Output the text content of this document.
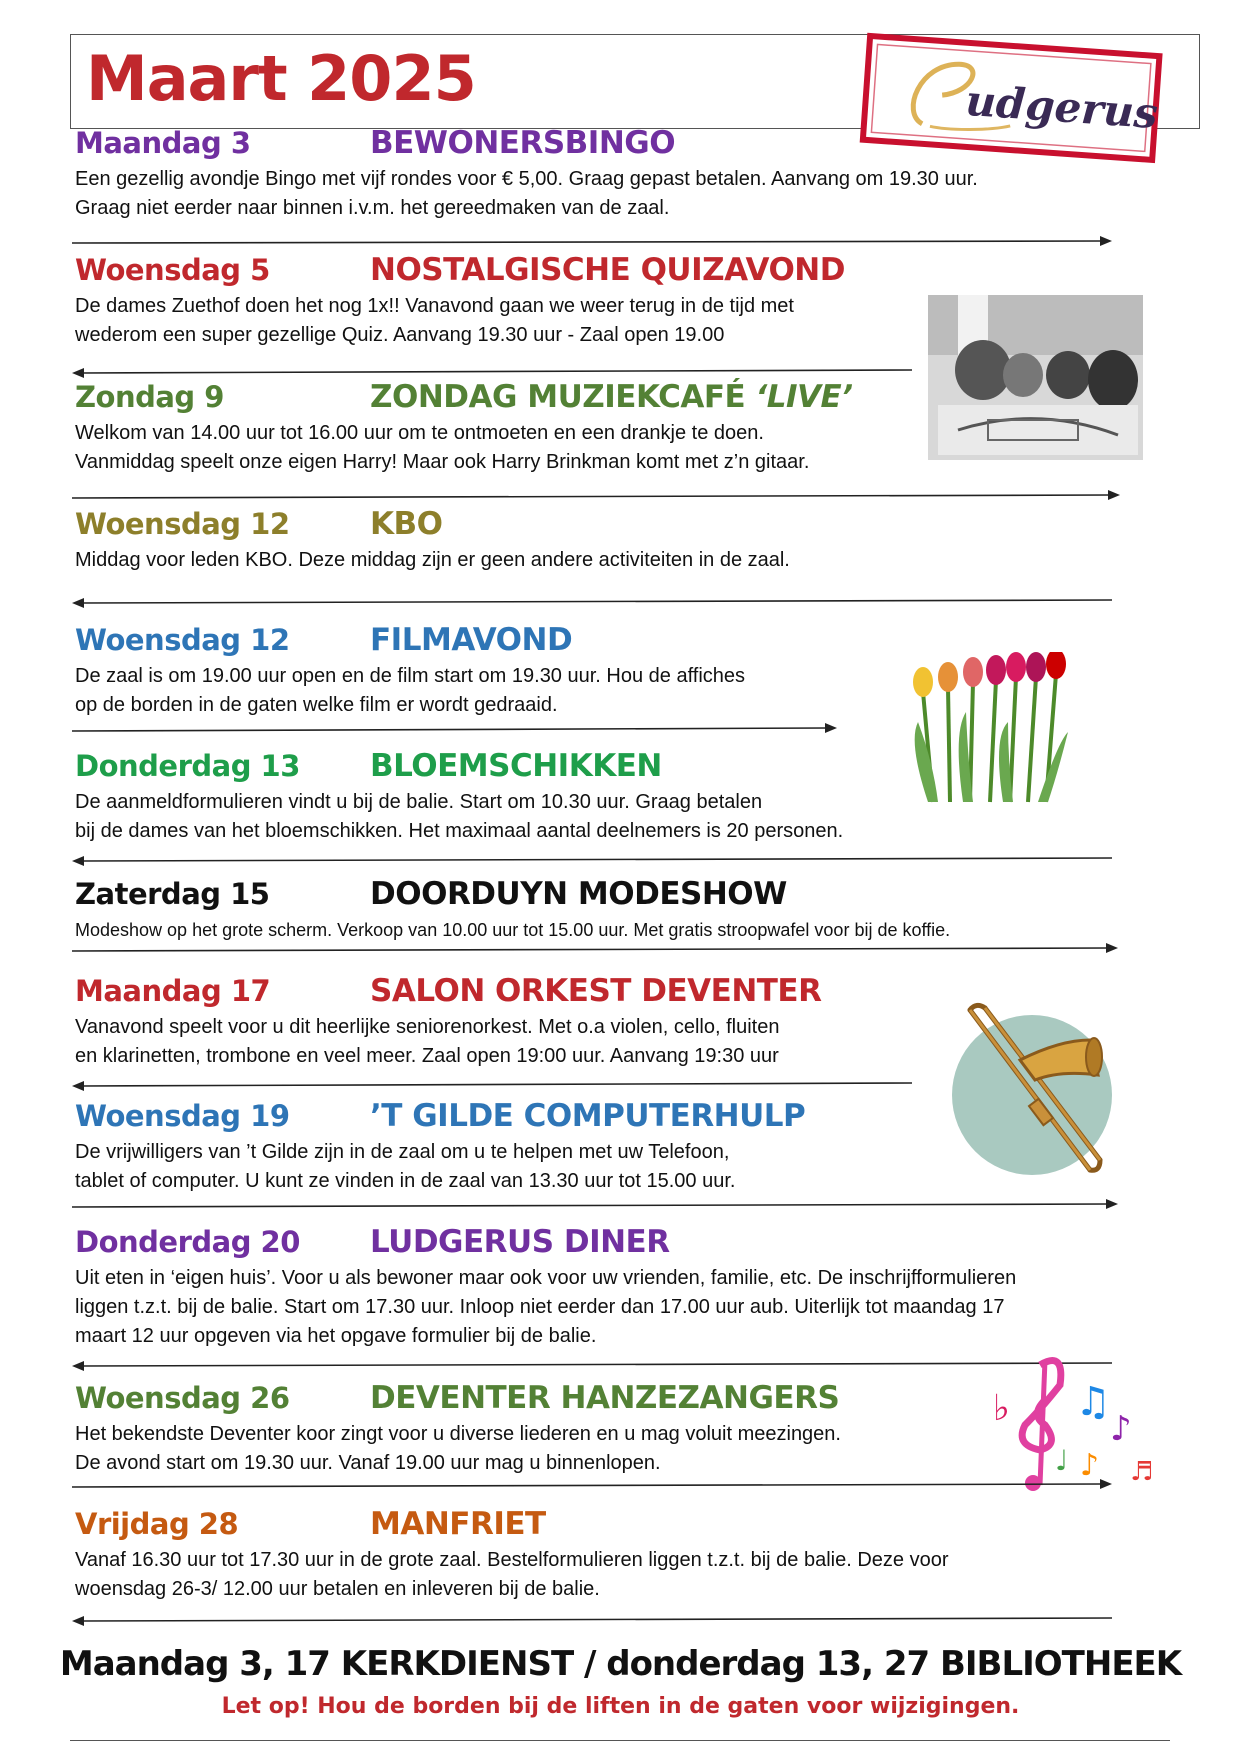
Maart 2025	udgerus
Maandag 3	BEWONERSBINGO
Een gezellig avondje Bingo met vijf rondes voor € 5,00. Graag gepast betalen. Aanvang om 19.30 uur.
Graag niet eerder naar binnen i.v.m. het gereedmaken van de zaal.
Woensdag 5	NOSTALGISCHE QUIZAVOND
De dames Zuethof doen het nog 1x!! Vanavond gaan we weer terug in de tijd met
wederom een super gezellige Quiz. Aanvang 19.30 uur - Zaal open 19.00
Zondag 9	ZONDAG MUZIEKCAFÉ ‘LIVE’
Welkom van 14.00 uur tot 16.00 uur om te ontmoeten en een drankje te doen.
Vanmiddag speelt onze eigen Harry! Maar ook Harry Brinkman komt met z’n gitaar.
Woensdag 12	KBO
Middag voor leden KBO. Deze middag zijn er geen andere activiteiten in de zaal.
Woensdag 12	FILMAVOND
De zaal is om 19.00 uur open en de film start om 19.30 uur. Hou de affiches
op de borden in de gaten welke film er wordt gedraaid.
Donderdag 13 BLOEMSCHIKKEN
De aanmeldformulieren vindt u bij de balie. Start om 10.30 uur. Graag betalen
bij de dames van het bloemschikken. Het maximaal aantal deelnemers is 20 personen.
Zaterdag 15	DOORDUYN MODESHOW
Modeshow op het grote scherm. Verkoop van 10.00 uur tot 15.00 uur. Met gratis stroopwafel voor bij de koffie.
Maandag 17	SALON ORKEST DEVENTER
Vanavond speelt voor u dit heerlijke seniorenorkest. Met o.a violen, cello, fluiten
en klarinetten, trombone en veel meer. Zaal open 19:00 uur. Aanvang 19:30 uur
Woensdag 19	’T GILDE COMPUTERHULP
De vrijwilligers van ’t Gilde zijn in de zaal om u te helpen met uw Telefoon,
tablet of computer. U kunt ze vinden in de zaal van 13.30 uur tot 15.00 uur.
Donderdag 20 LUDGERUS DINER
Uit eten in ‘eigen huis’. Voor u als bewoner maar ook voor uw vrienden, familie, etc. De inschrijfformulieren
liggen t.z.t. bij de balie. Start om 17.30 uur. Inloop niet eerder dan 17.00 uur aub. Uiterlijk tot maandag 17
maart 12 uur opgeven via het opgave formulier bij de balie.
♭ ♫
♪
♪
♩ ♬
Woensdag 26	DEVENTER HANZEZANGERS
Het bekendste Deventer koor zingt voor u diverse liederen en u mag voluit meezingen.
De avond start om 19.30 uur. Vanaf 19.00 uur mag u binnenlopen.
Vrijdag 28	MANFRIET
Vanaf 16.30 uur tot 17.30 uur in de grote zaal. Bestelformulieren liggen t.z.t. bij de balie. Deze voor
woensdag 26-3/ 12.00 uur betalen en inleveren bij de balie.
Maandag 3, 17 KERKDIENST / donderdag 13, 27 BIBLIOTHEEK
Let op! Hou de borden bij de liften in de gaten voor wijzigingen.
